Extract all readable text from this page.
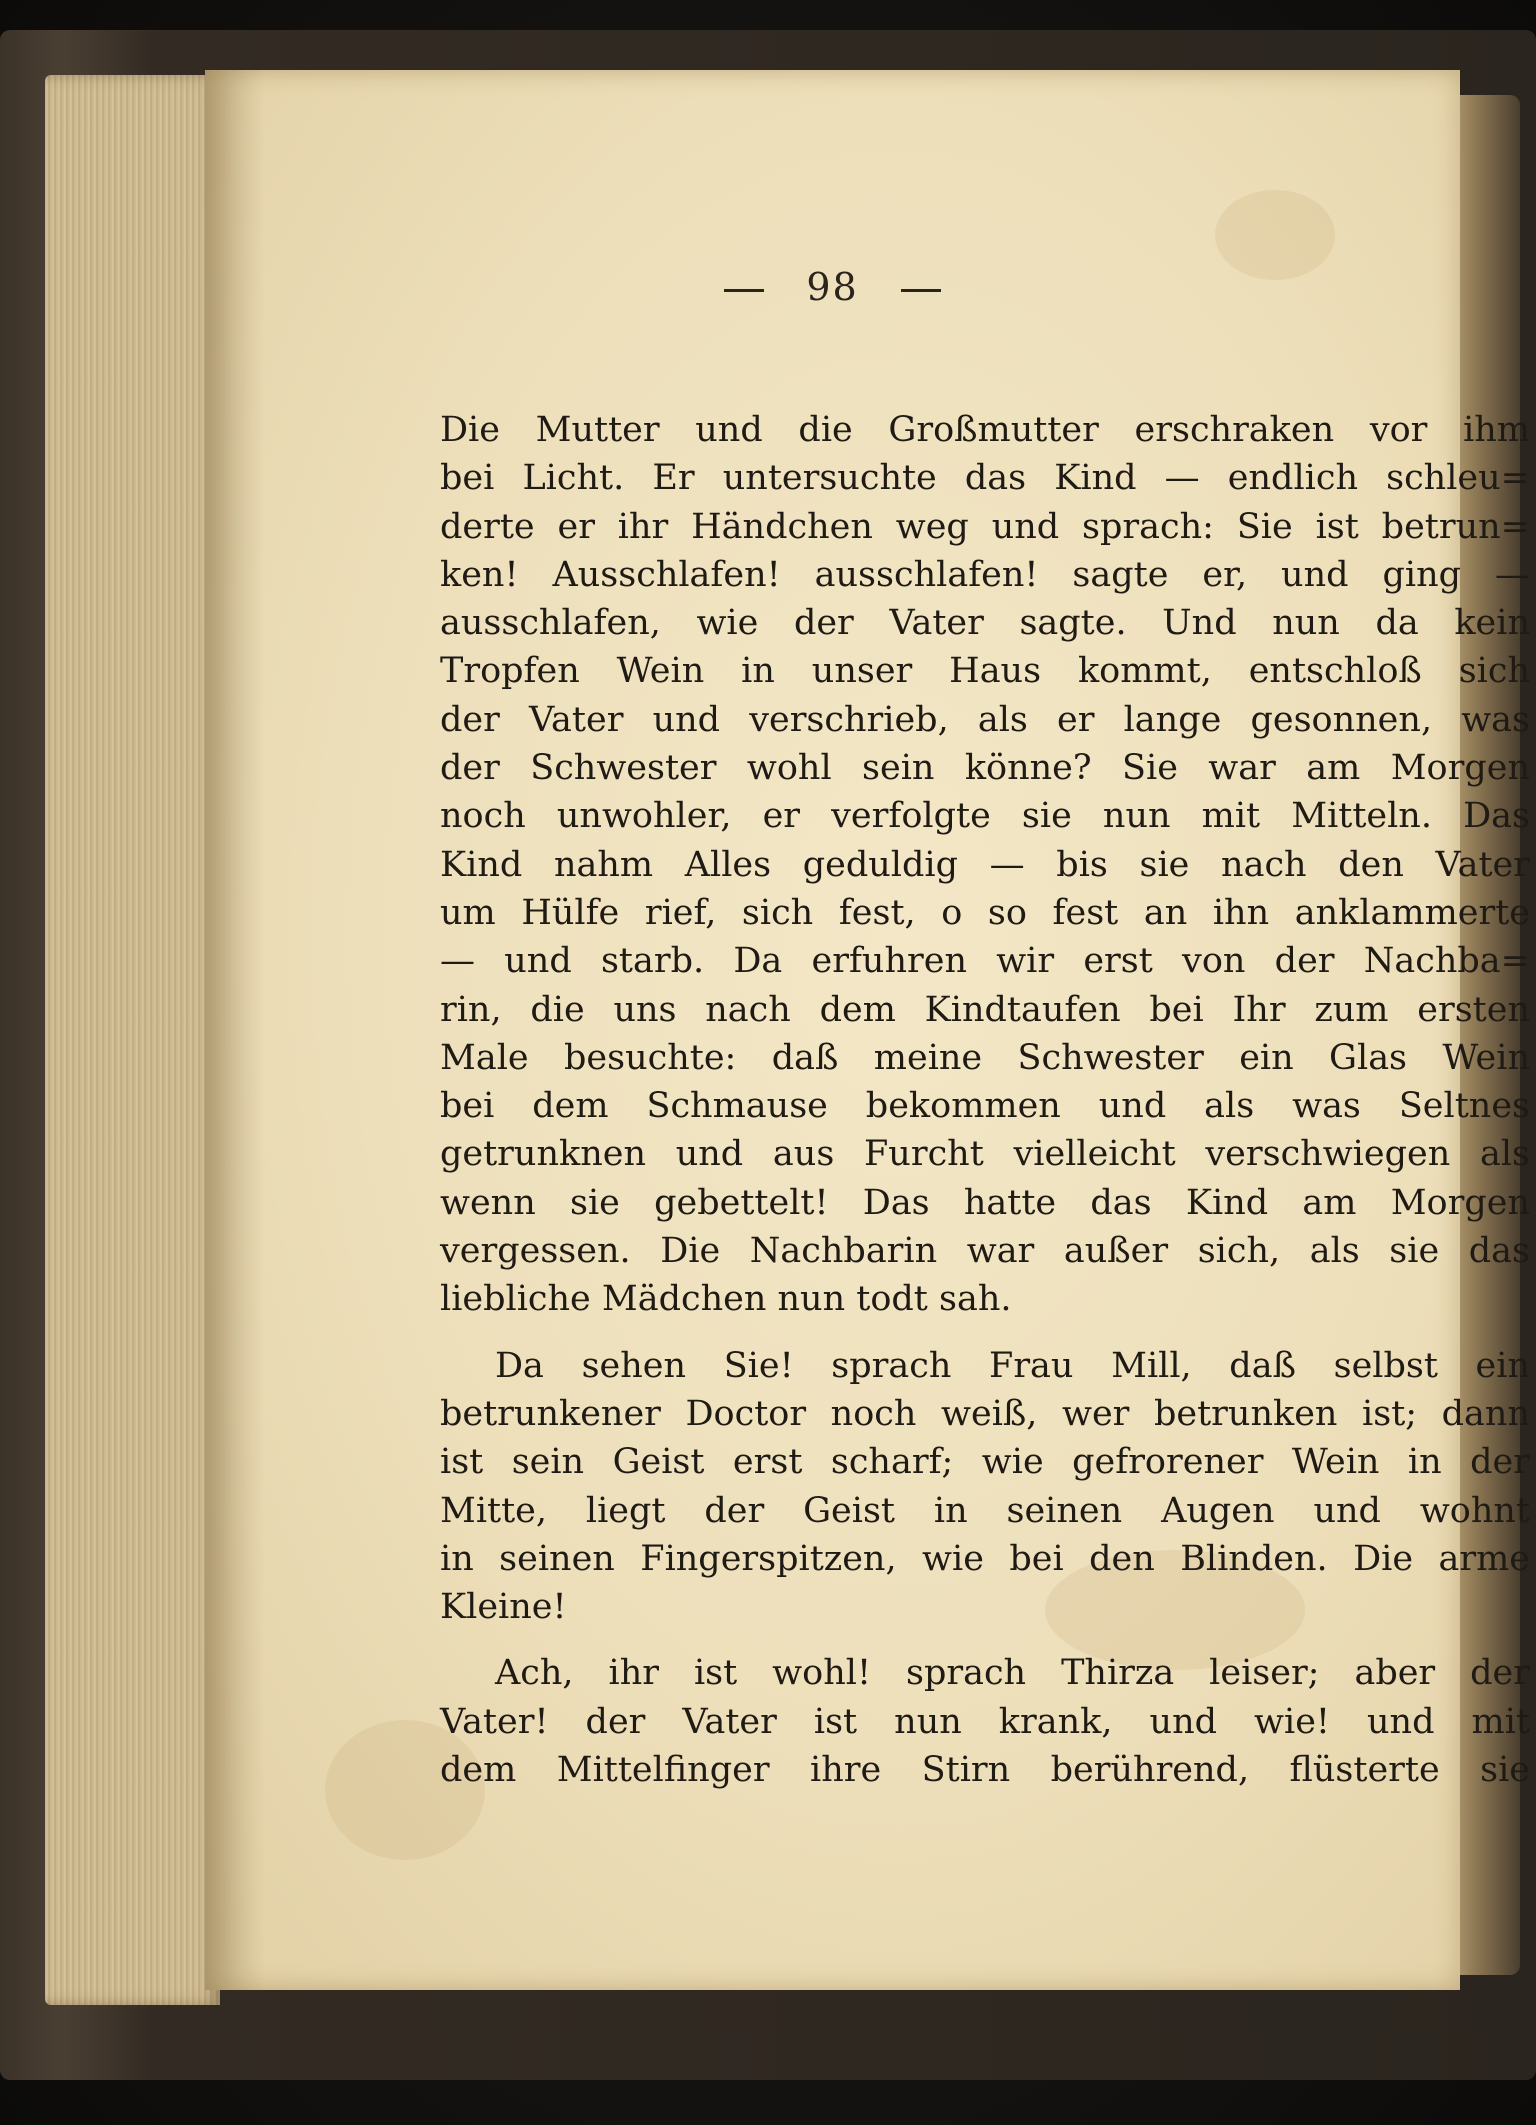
98
Die Mutter und die Großmutter erschraken vor ihm
bei Licht. Er untersuchte das Kind — endlich schleu=
derte er ihr Händchen weg und sprach: Sie ist betrun=
ken! Ausschlafen! ausschlafen! sagte er, und ging —
ausschlafen, wie der Vater sagte. Und nun da kein
Tropfen Wein in unser Haus kommt, entschloß sich
der Vater und verschrieb, als er lange gesonnen, was
der Schwester wohl sein könne? Sie war am Morgen
noch unwohler, er verfolgte sie nun mit Mitteln. Das
Kind nahm Alles geduldig — bis sie nach den Vater
um Hülfe rief, sich fest, o so fest an ihn anklammerte
— und starb. Da erfuhren wir erst von der Nachba=
rin, die uns nach dem Kindtaufen bei Ihr zum ersten
Male besuchte: daß meine Schwester ein Glas Wein
bei dem Schmause bekommen und als was Seltnes
getrunknen und aus Furcht vielleicht verschwiegen als
wenn sie gebettelt! Das hatte das Kind am Morgen
vergessen. Die Nachbarin war außer sich, als sie das
liebliche Mädchen nun todt sah.
Da sehen Sie! sprach Frau Mill, daß selbst ein
betrunkener Doctor noch weiß, wer betrunken ist; dann
ist sein Geist erst scharf; wie gefrorener Wein in der
Mitte, liegt der Geist in seinen Augen und wohnt
in seinen Fingerspitzen, wie bei den Blinden. Die arme
Kleine!
Ach, ihr ist wohl! sprach Thirza leiser; aber der
Vater! der Vater ist nun krank, und wie! und mit
dem Mittelfinger ihre Stirn berührend, flüsterte sie
